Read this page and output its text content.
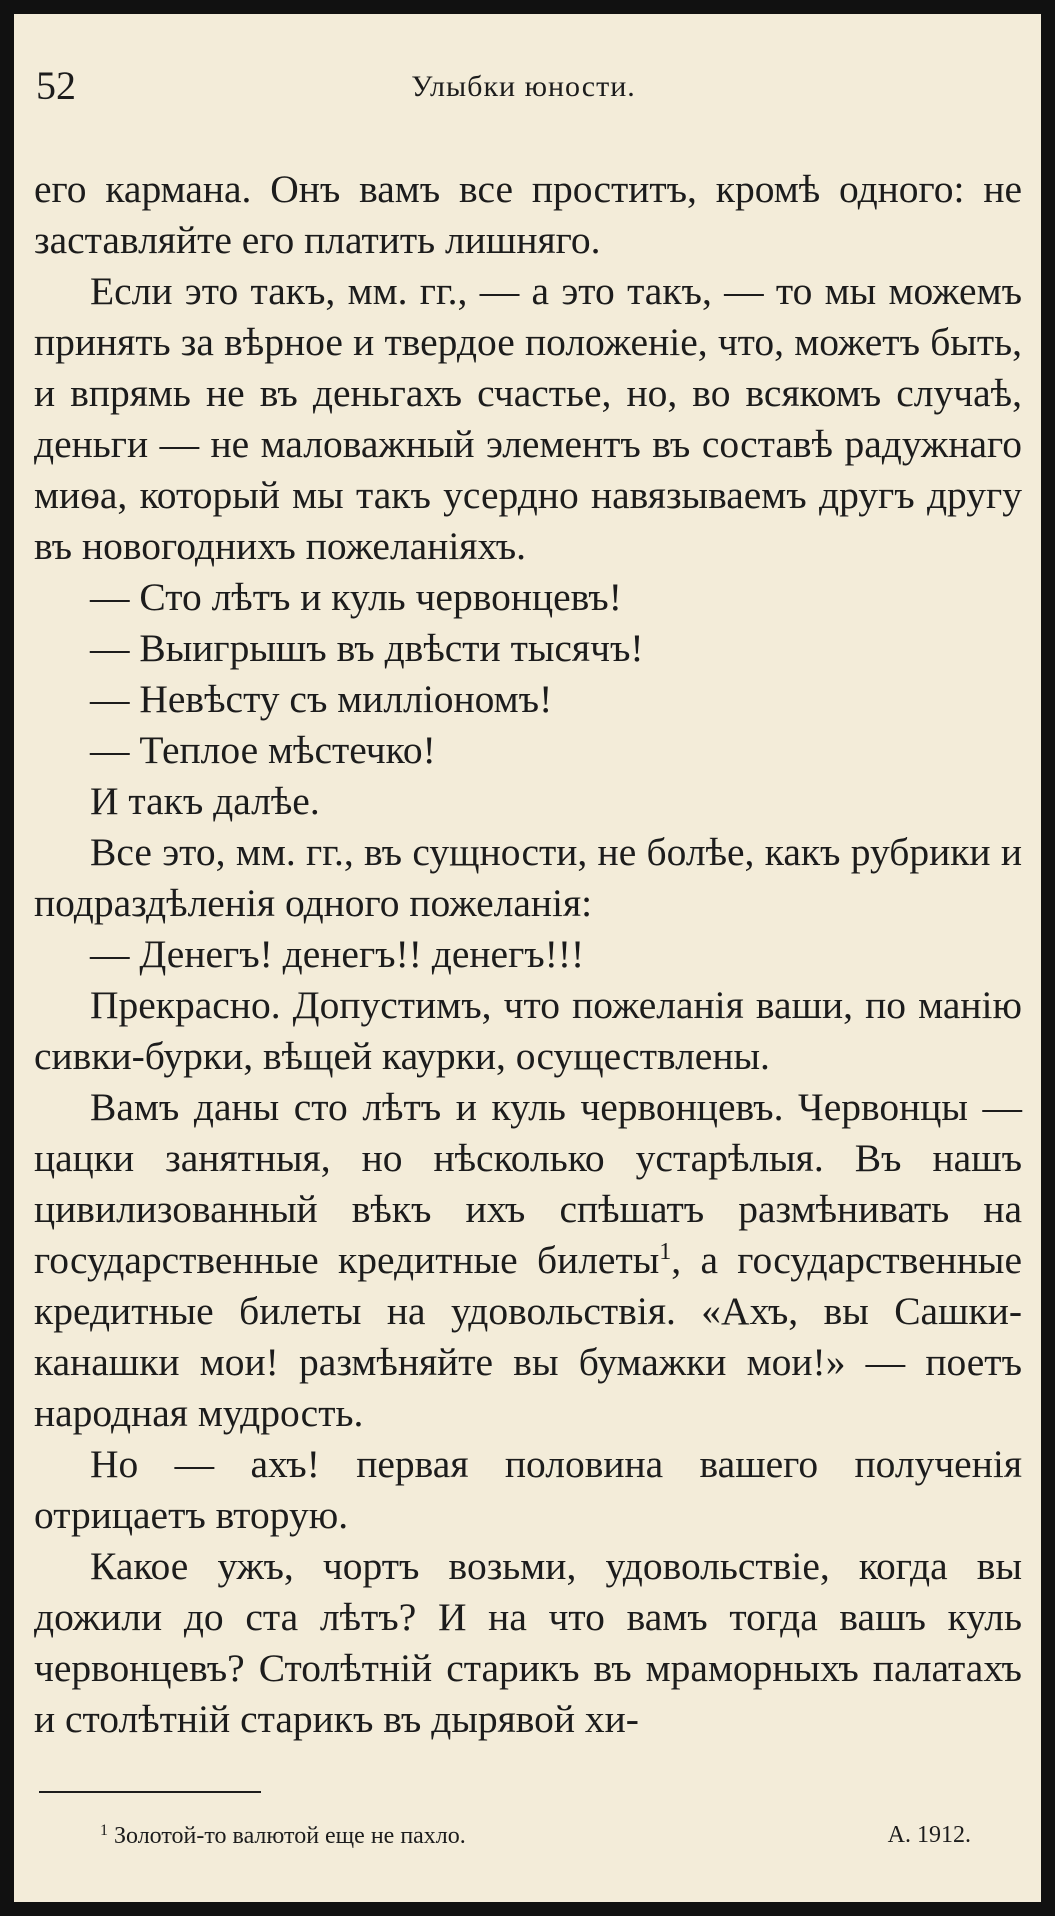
52	Улыбки юности.

его кармана. Онъ вамъ все проститъ, кромѣ одного: не заставляйте его платить лишняго.

Если это такъ, мм. гг., — а это такъ, — то мы можемъ принять за вѣрное и твердое положенiе, что, можетъ быть, и впрямь не въ деньгахъ счастье, но, во всякомъ случаѣ, деньги — не маловажный элементъ въ составѣ радужнаго миѳа, который мы такъ усердно навязываемъ другъ другу въ новогоднихъ пожеланiяхъ.

— Сто лѣтъ и куль червонцевъ!

— Выигрышъ въ двѣсти тысячъ!

— Невѣсту съ миллiономъ!

— Теплое мѣстечко!

И такъ далѣе.

Все это, мм. гг., въ сущности, не болѣе, какъ рубрики и подраздѣленiя одного пожеланiя:

— Денегъ! денегъ!! денегъ!!!

Прекрасно. Допустимъ, что пожеланiя ваши, по манiю сивки-бурки, вѣщей каурки, осуществлены.

Вамъ даны сто лѣтъ и куль червонцевъ. Червонцы — цацки занятныя, но нѣсколько устарѣлыя. Въ нашъ цивилизованный вѣкъ ихъ спѣшатъ размѣнивать на государственные кредитные билеты$^1$, а государственные кредитные билеты на удовольствiя. «Ахъ, вы Сашки-канашки мои! размѣняйте вы бумажки мои!» — поетъ народная мудрость.

Но — ахъ! первая половина вашего полученiя отрицаетъ вторую.

Какое ужъ, чортъ возьми, удовольствiе, когда вы дожили до ста лѣтъ? И на что вамъ тогда вашъ куль червонцевъ? Столѣтнiй старикъ въ мраморныхъ палатахъ и столѣтнiй старикъ въ дырявой хи-

$^1$ Золотой-то валютой еще не пахло.	А. 1912.
